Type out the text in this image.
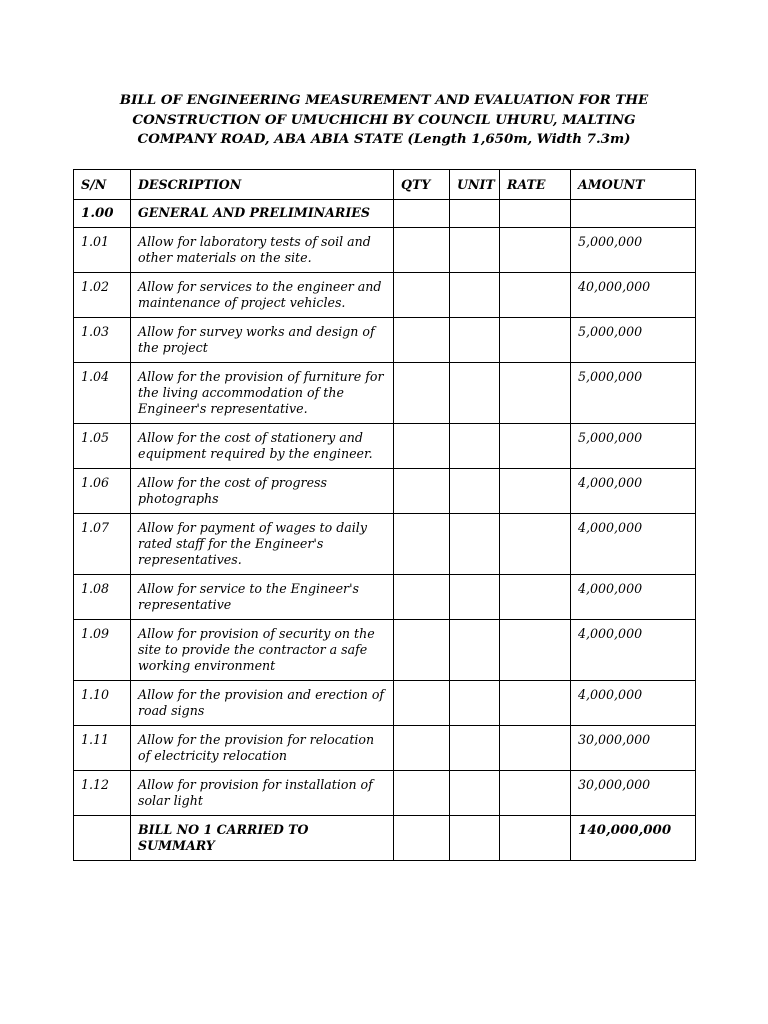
BILL OF ENGINEERING MEASUREMENT AND EVALUATION FOR THE
CONSTRUCTION OF UMUCHICHI BY COUNCIL UHURU, MALTING
COMPANY ROAD, ABA ABIA STATE (Length 1,650m, Width 7.3m)
S/N	DESCRIPTION	QTY	UNIT	RATE	AMOUNT
1.00	GENERAL AND PRELIMINARIES				
1.01	Allow for laboratory tests of soil and other materials on the site.				5,000,000
1.02	Allow for services to the engineer and maintenance of project vehicles.				40,000,000
1.03	Allow for survey works and design of the project				5,000,000
1.04	Allow for the provision of furniture for the living accommodation of the Engineer's representative.				5,000,000
1.05	Allow for the cost of stationery and equipment required by the engineer.				5,000,000
1.06	Allow for the cost of progress photographs				4,000,000
1.07	Allow for payment of wages to daily rated staff for the Engineer's representatives.				4,000,000
1.08	Allow for service to the Engineer's representative				4,000,000
1.09	Allow for provision of security on the site to provide the contractor a safe working environment				4,000,000
1.10	Allow for the provision and erection of road signs				4,000,000
1.11	Allow for the provision for relocation of electricity relocation				30,000,000
1.12	Allow for provision for installation of solar light				30,000,000
	BILL NO 1 CARRIED TO SUMMARY				140,000,000
